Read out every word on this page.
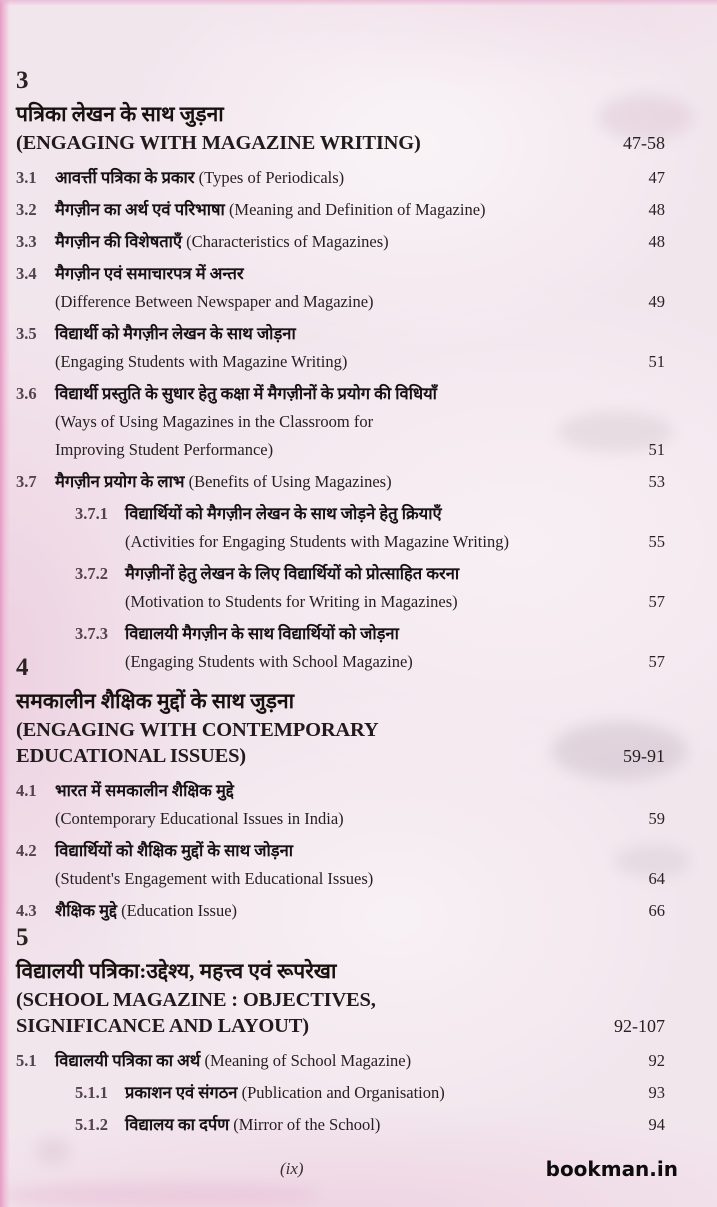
3
पत्रिका लेखन के साथ जुड़ना
(ENGAGING WITH MAGAZINE WRITING)	47-58
3.1 आवर्त्ती पत्रिका के प्रकार (Types of Periodicals)	47
3.2 मैगज़ीन का अर्थ एवं परिभाषा (Meaning and Definition of Magazine)	48
3.3 मैगज़ीन की विशेषताएँ (Characteristics of Magazines)	48
3.4 मैगज़ीन एवं समाचारपत्र में अन्तर
(Difference Between Newspaper and Magazine)	49
3.5 विद्यार्थी को मैगज़ीन लेखन के साथ जोड़ना
(Engaging Students with Magazine Writing)	51
3.6 विद्यार्थी प्रस्तुति के सुधार हेतु कक्षा में मैगज़ीनों के प्रयोग की विधियाँ
(Ways of Using Magazines in the Classroom for
Improving Student Performance)	51
3.7 मैगज़ीन प्रयोग के लाभ (Benefits of Using Magazines)	53
3.7.1 विद्यार्थियों को मैगज़ीन लेखन के साथ जोड़ने हेतु क्रियाएँ
(Activities for Engaging Students with Magazine Writing)	55
3.7.2 मैगज़ीनों हेतु लेखन के लिए विद्यार्थियों को प्रोत्साहित करना
(Motivation to Students for Writing in Magazines)	57
3.7.3 विद्यालयी मैगज़ीन के साथ विद्यार्थियों को जोड़ना
(Engaging Students with School Magazine)	57
4
समकालीन शैक्षिक मुद्दों के साथ जुड़ना
(ENGAGING WITH CONTEMPORARY
EDUCATIONAL ISSUES)	59-91
4.1 भारत में समकालीन शैक्षिक मुद्दे
(Contemporary Educational Issues in India)	59
4.2 विद्यार्थियों को शैक्षिक मुद्दों के साथ जोड़ना
(Student's Engagement with Educational Issues)	64
4.3 शैक्षिक मुद्दे (Education Issue)	66
5
विद्यालयी पत्रिका:उद्देश्य, महत्त्व एवं रूपरेखा
(SCHOOL MAGAZINE : OBJECTIVES,
SIGNIFICANCE AND LAYOUT)	92-107
5.1 विद्यालयी पत्रिका का अर्थ (Meaning of School Magazine)	92
5.1.1 प्रकाशन एवं संगठन (Publication and Organisation)	93
5.1.2 विद्यालय का दर्पण (Mirror of the School)	94
(ix)	bookman.in
